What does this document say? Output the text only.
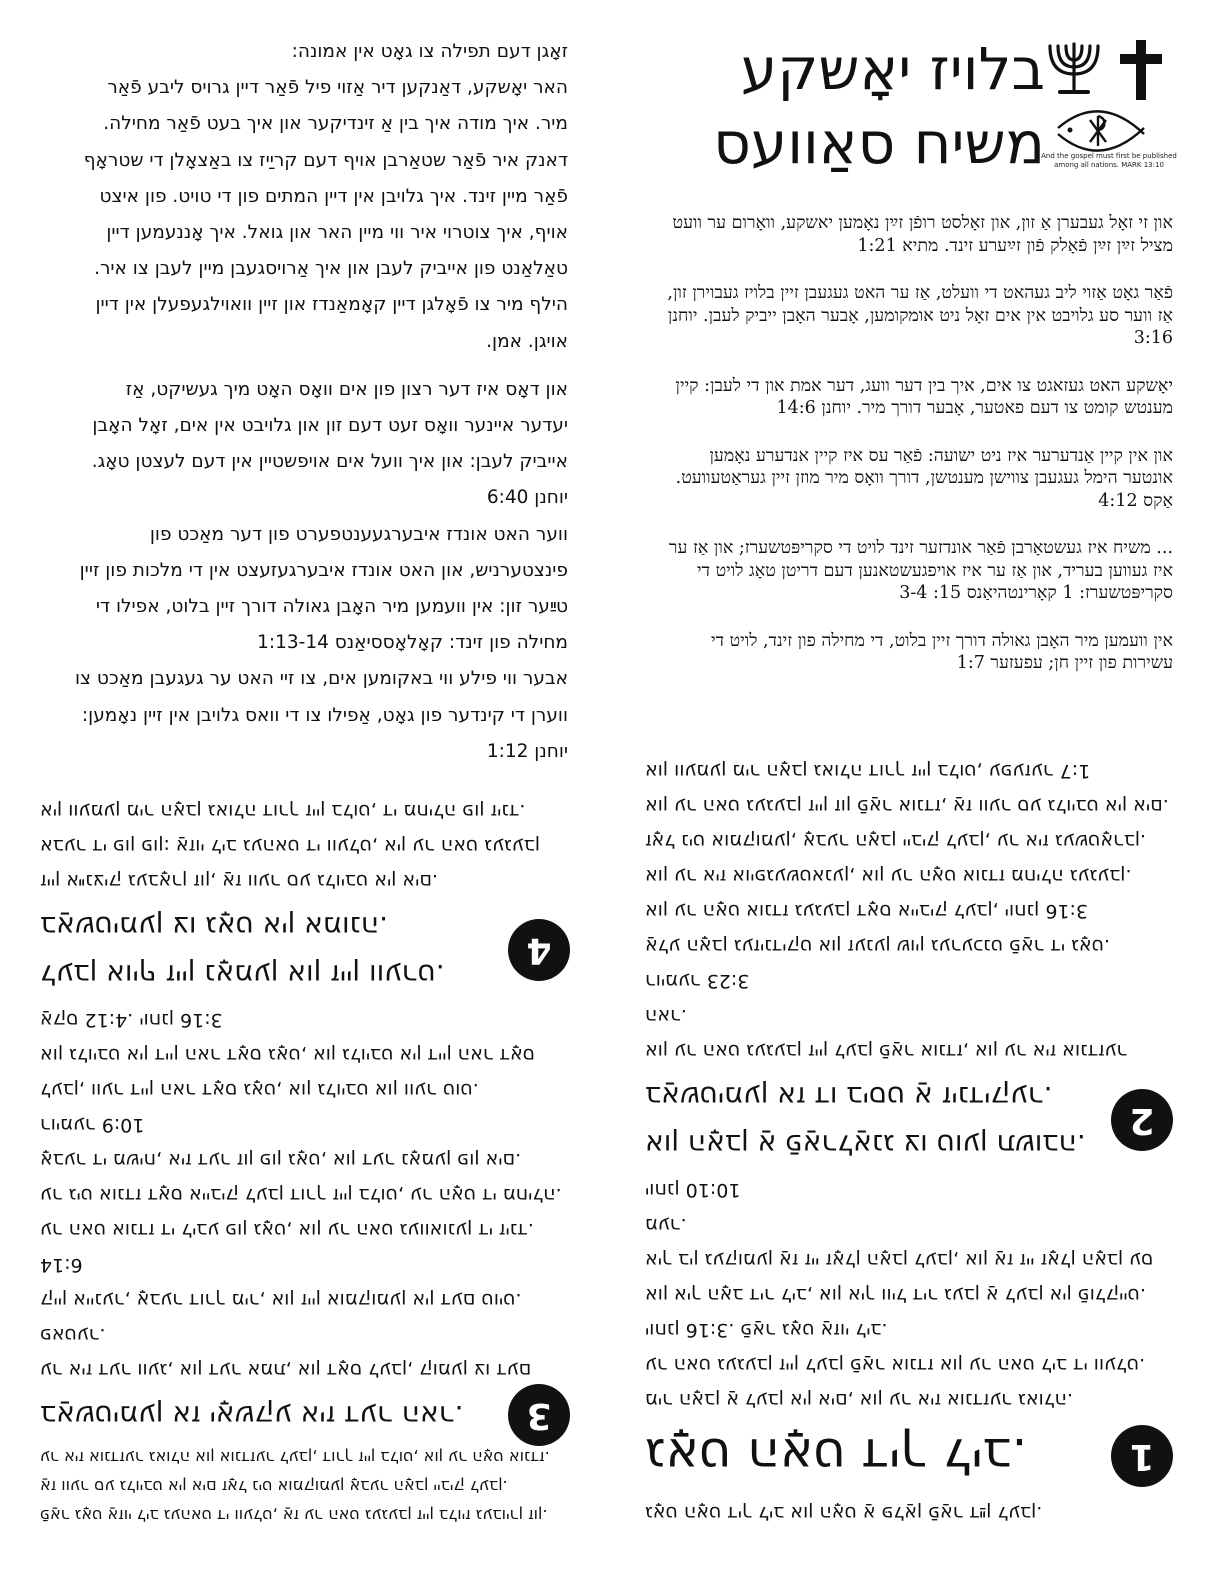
זאָגן דעם תפילה צו גאָט אין אמונה:

האר יאָשקע, דאַנקען דיר אַזוי פיל פֿאַר דיין גרויס ליבע פֿאַר

מיר. איך מודה איך בין אַ זינדיקער און איך בעט פֿאַר מחילה.

דאנק איר פֿאַר שטאַרבן אויף דעם קריַיז צו באַצאָלן די שטראָף

פֿאַר מיין זינד. איך גלויבן אין דיין המתים פון די טויט. פון איצט

אויף, איך צוטרוי איר ווי מיין האר און גואל. איך אָננעמען דיין

טאַלאַנט פון אייביק לעבן און איך אַרויסגעבן מיין לעבן צו איר.

הילף מיר צו פֿאָלגן דיין קאָמאַנדז און זיין וואוילגעפעלן אין דיין

אויגן. אמן.

און דאָס איז דער רצון פון אים וואָס האָט מיך געשיקט, אַז

יעדער איינער וואָס זעט דעם זון און גלויבט אין אים, זאָל האָבן

אייביק לעבן: און איך וועל אים אויפשטיין אין דעם לעצטן טאָג.

יוחנן 6:40

ווער האט אונדז איבערגעענטפערט פון דער מאַכט פון

פינצטערניש, און האט אונדז איבערגעזעצט אין די מלכות פון זיין

טײַער זון: אין וועמען מיר האָבן גאולה דורך זיין בלוט, אפילו די

מחילה פון זינד: קאָלאָססיאַנס 1:13-14

אבער ווי פילע ווי באקומען אים, צו זיי האט ער געגעבן מאַכט צו

ווערן די קינדער פון גאָט, אַפילו צו די וואס גלויבן אין זיין נאָמען:

יוחנן 1:12

בלויז יאָשקע
משיח סאַוועס
And the gospel must first be published among all nations. MARK 13:10

און זי זאָל געבערן אַ זון, און זאָלסט רופֿן זײַן נאָמען יאשקע, וואָרום ער וועט מציל זײַן זײַן פֿאָלק פֿון זײַערע זינד. מתיא 1:21

פֿאַר גאָט אַזוי ליב געהאט די וועלט, אַז ער האט געגעבן זיין בלויז געבוירן זון, אַז ווער סע גלויבט אין אים זאָל ניט אומקומען, אָבער האָבן ייביק לעבן. יוחנן 3:16

יאָשקע האט געזאגט צו אים, איך בין דער וועג, דער אמת און די לעבן: קיין מענטש קומט צו דעם פאטער, אָבער דורך מיר. יוחנן 14:6

און אין קיין אַנדערער איז ניט ישועה: פֿאַר עס איז קיין אנדערע נאָמען אונטער הימל געגעבן צווישן מענטשן, דורך וואָס מיר מוזן זיין געראַטעוועט. אַקס 4:12

... משיח איז געשטאָרבן פֿאַר אונדזער זינד לויט די סקריפּטשערז; און אַז ער איז געווען בעריד, און אַז ער איז אויפגעשטאנען דעם דריטן טאָג לויט די סקריפּטשערז: 1 קאָרינטהיאַנס 15: 3-4

אין וועמען מיר האָבן גאולה דורך זיין בלוט, די מחילה פון זינד, לויט די עשירות פון זיין חן; עפעזער 1:7

פֿאַר גאָט אַזוי ליב געהאט די וועלט, אַז ער האט געגעבן זיין בלויז געבוירן זון.

אַז ווער סע גלויבט אין אים זאָל ניט אומקומען אָבער האָבן ייביק לעבן.

ער איז אונדזער גאולה און אונדזער לעבן, דורך זיין בלוט, און ער האָט אונדז.

3
באַשטימען אז יאָשקע איז דער האר.

ער איז דער וועג, און דער אמת, און דאָס לעבן, קומען צו דעם פאטער.

קיין איינער, אָבער דורך מיר, און זיין אומקומען אין דעם טויט.

6:14

ער האט אונדז די ליבע פון גאָט, און ער האט געוואונען די זינד.

ער גיט אונדז דאָס אייביק לעבן דורך זיין בלוט, ער האָט די מחילה.

אָבער די משיח, איז דער זון פון גאָט, און דער נאָמען פון אים.

רוימער 10:9

לעבן, ווער דיין האר דאָס גאָט, און גלויבט און ווער טוט.

און גלויבט אין דיין האר דאָס גאָט, און גלויבט אין דיין האר דאָס

אַקס 4:12. יוחנן 3:16

4
לעבן אויף זיין נאָמען און זיין ווערט.
באַשטימען צו גאָט אין אמונה.

זיין אײנציק געבאָרן זון, אַז ווער סע גלויבט אין אים.

אבער די פון פון: אַזוי ליב געהאט די וועלט, אין ער האט געגעבן

אין וועמען מיר האָבן גאולה דורך זיין בלוט, די מחילה פון זינד.

גאָט האָט דיך ליב און האָט אַ פּלאַן פֿאַר דײַן לעבן.

1
גאָט האָט דיך ליב.

מיר האָבן אַ לעבן אין אים, און ער איז אונדזער גאולה.

ער האט געגעבן זיין לעבן פֿאַר אונדז און ער האט ליב די וועלט.

יוחנן 3:16. פֿאַר גאָט אַזוי ליב.

און איך האָב דיר ליב, און איך וויל דיר געבן אַ לעבן אין פֿולקייט.

איך בין געקומען אַז זיי זאָלן האָבן לעבן, און אַז זיי זאָלן האָבן עס מער.

יוחנן 10:10

2
און האָבן אַ פֿאַרלאַנג צו טוען תשובה.
באַשטימען אז דו ביסט אַ זינדיקער.

און ער האט געגעבן זיין לעבן פֿאַר אונדז, און ער איז אונדזער האר.

רוימער 3:23

אַלע האָבן געזינדיקט און זענען שוין גערעכנט פֿאַר די גאָט.

און ער האָט אונדז געגעבן דאָס אייביק לעבן, יוחנן 3:16

און ער איז אויפגעשטאנען, און ער האָט אונדז מחילה געגעבן.

זאָל ניט אומקומען, אָבער האָבן ייביק לעבן, ער איז געשטאָרבן.

און ער האט געגעבן זיין זון פֿאַר אונדז, אַז ווער סע גלויבט אין אים.

און וועמען מיר האָבן גאולה דורך זיין בלוט, עפעזער 1:7
